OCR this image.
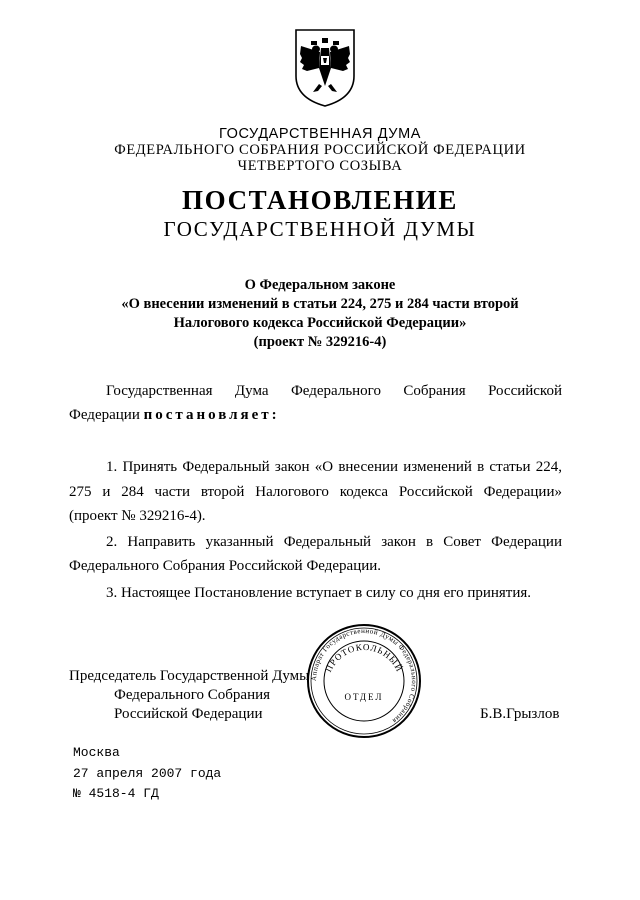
ГОСУДАРСТВЕННАЯ ДУМА
ФЕДЕРАЛЬНОГО СОБРАНИЯ РОССИЙСКОЙ ФЕДЕРАЦИИ
ЧЕТВЕРТОГО СОЗЫВА
ПОСТАНОВЛЕНИЕ
ГОСУДАРСТВЕННОЙ ДУМЫ
О Федеральном законе
«О внесении изменений в статьи 224, 275 и 284 части второй
Налогового кодекса Российской Федерации»
(проект № 329216-4)
Государственная Дума Федерального Собрания Российской
Федерации постановляет:
1. Принять Федеральный закон «О внесении изменений в статьи 224,
275 и 284 части второй Налогового кодекса Российской Федерации»
(проект № 329216-4).
2. Направить указанный Федеральный закон в Совет Федерации
Федерального Собрания Российской Федерации.
3. Настоящее Постановление вступает в силу со дня его принятия.
Председатель Государственной Думы
Федерального Собрания
Российской Федерации	Б.В.Грызлов
Аппарат Государственной Думы Федерального Собрания
ПРОТОКОЛЬНЫЙ
ОТДЕЛ
Москва
27 апреля 2007 года
№ 4518-4 ГД
